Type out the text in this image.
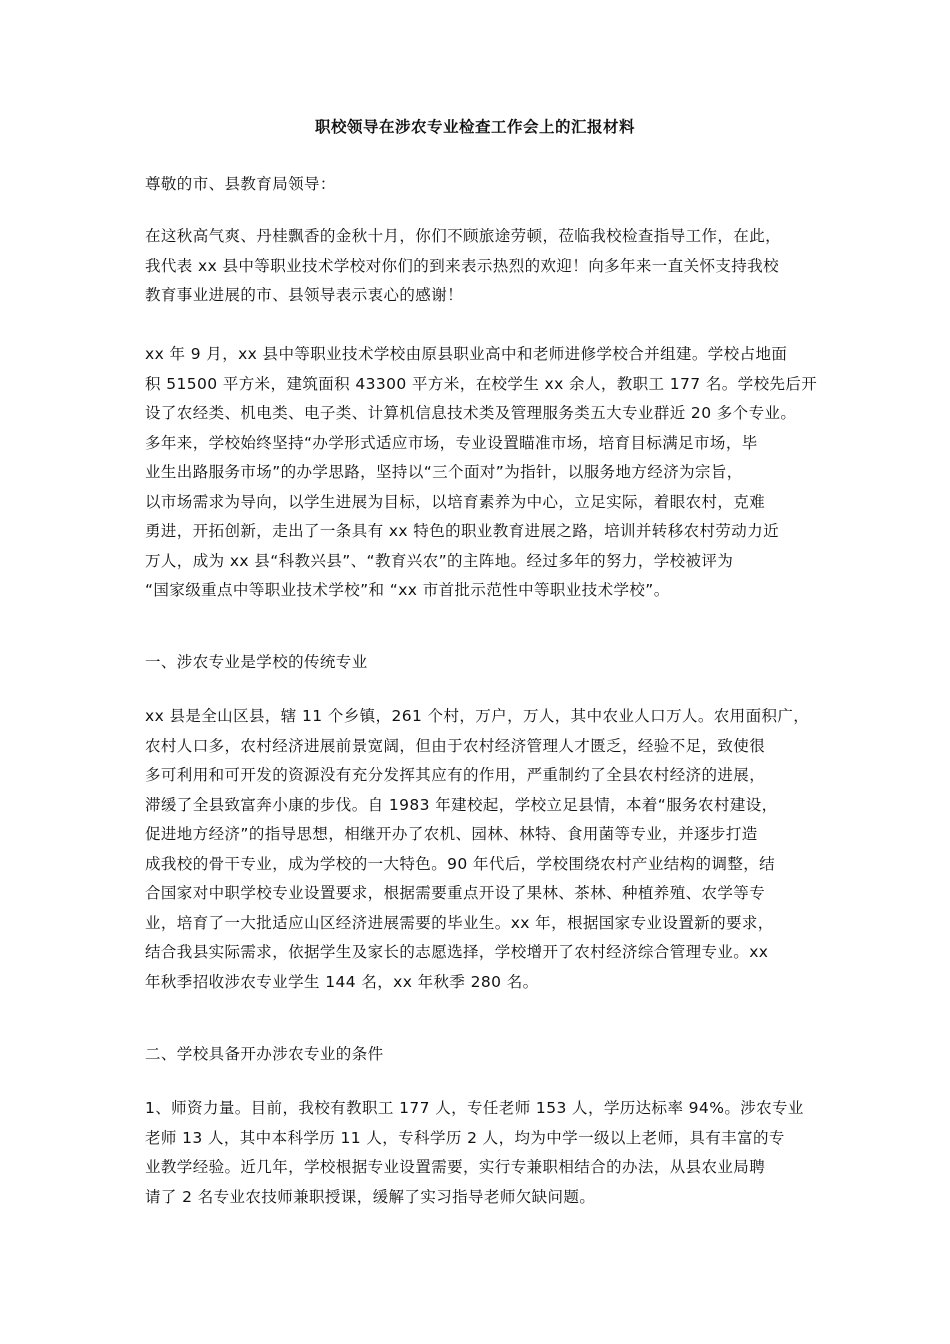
职校领导在涉农专业检查工作会上的汇报材料

尊敬的市、县教育局领导：

在这秋高气爽、丹桂飘香的金秋十月，你们不顾旅途劳顿，莅临我校检查指导工作，在此，
我代表 xx 县中等职业技术学校对你们的到来表示热烈的欢迎！向多年来一直关怀支持我校
教育事业进展的市、县领导表示衷心的感谢！

xx 年 9 月，xx 县中等职业技术学校由原县职业高中和老师进修学校合并组建。学校占地面
积 51500 平方米，建筑面积 43300 平方米，在校学生 xx 余人，教职工 177 名。学校先后开
设了农经类、机电类、电子类、计算机信息技术类及管理服务类五大专业群近 20 多个专业。
多年来，学校始终坚持“办学形式适应市场，专业设置瞄准市场，培育目标满足市场，毕
业生出路服务市场”的办学思路，坚持以“三个面对”为指针，以服务地方经济为宗旨，
以市场需求为导向，以学生进展为目标，以培育素养为中心，立足实际，着眼农村，克难
勇进，开拓创新，走出了一条具有 xx 特色的职业教育进展之路，培训并转移农村劳动力近
万人，成为 xx 县“科教兴县”、“教育兴农”的主阵地。经过多年的努力，学校被评为
“国家级重点中等职业技术学校”和 “xx 市首批示范性中等职业技术学校”。

一、涉农专业是学校的传统专业

xx 县是全山区县，辖 11 个乡镇，261 个村，万户，万人，其中农业人口万人。农用面积广，
农村人口多，农村经济进展前景宽阔，但由于农村经济管理人才匮乏，经验不足，致使很
多可利用和可开发的资源没有充分发挥其应有的作用，严重制约了全县农村经济的进展，
滞缓了全县致富奔小康的步伐。自 1983 年建校起，学校立足县情，本着“服务农村建设，
促进地方经济”的指导思想，相继开办了农机、园林、林特、食用菌等专业，并逐步打造
成我校的骨干专业，成为学校的一大特色。90 年代后，学校围绕农村产业结构的调整，结
合国家对中职学校专业设置要求，根据需要重点开设了果林、茶林、种植养殖、农学等专
业，培育了一大批适应山区经济进展需要的毕业生。xx 年，根据国家专业设置新的要求，
结合我县实际需求，依据学生及家长的志愿选择，学校增开了农村经济综合管理专业。xx
年秋季招收涉农专业学生 144 名，xx 年秋季 280 名。

二、学校具备开办涉农专业的条件

1、师资力量。目前，我校有教职工 177 人，专任老师 153 人，学历达标率 94%。涉农专业
老师 13 人，其中本科学历 11 人，专科学历 2 人，均为中学一级以上老师，具有丰富的专
业教学经验。近几年，学校根据专业设置需要，实行专兼职相结合的办法，从县农业局聘
请了 2 名专业农技师兼职授课，缓解了实习指导老师欠缺问题。
